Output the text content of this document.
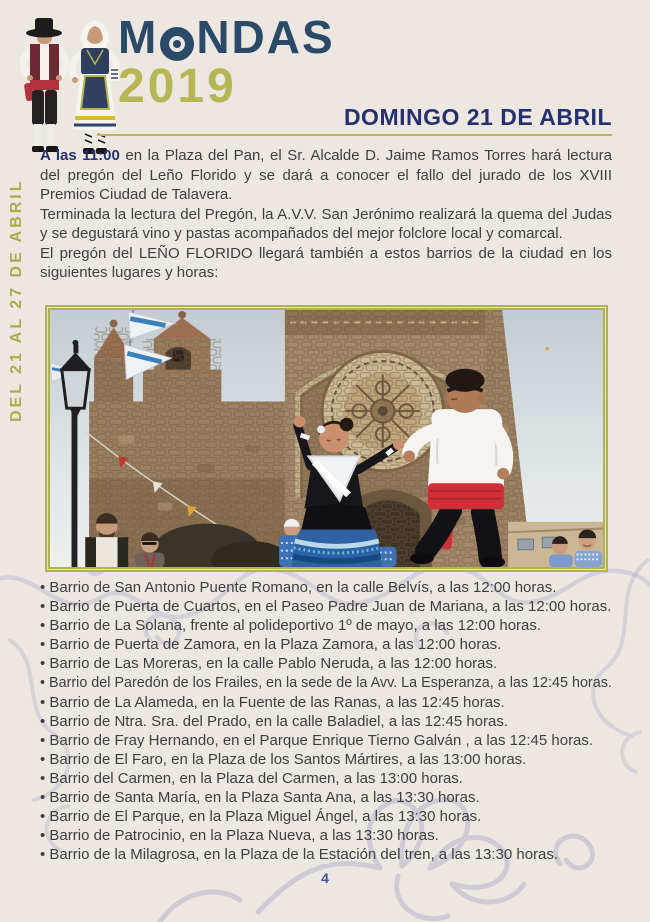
M NDAS
2019
DOMINGO 21 DE ABRIL
DEL 21 AL 27 DE ABRIL

A las 11:00 en la Plaza del Pan, el Sr. Alcalde D. Jaime Ramos Torres hará lectura del pregón del Leño Florido y se dará a conocer el fallo del jurado de los XVIII Premios Ciudad de Talavera.

Terminada la lectura del Pregón, la A.V.V. San Jerónimo realizará la quema del Judas y se degustará vino y pastas acompañados del mejor folclore local y comarcal.

El pregón del LEÑO FLORIDO llegará también a estos barrios de la ciudad en los siguientes lugares y horas:

• Barrio de San Antonio Puente Romano, en la calle Belvís, a las 12:00 horas.
• Barrio de Puerta de Cuartos, en el Paseo Padre Juan de Mariana, a las 12:00 horas.
• Barrio de La Solana, frente al polideportivo 1º de mayo, a las 12:00 horas.
• Barrio de Puerta de Zamora, en la Plaza Zamora, a las 12:00 horas.
• Barrio de Las Moreras, en la calle Pablo Neruda, a las 12:00 horas.
• Barrio del Paredón de los Frailes, en la sede de la Avv. La Esperanza, a las 12:45 horas.
• Barrio de La Alameda, en la Fuente de las Ranas, a las 12:45 horas.
• Barrio de Ntra. Sra. del Prado, en la calle Baladiel, a las 12:45 horas.
• Barrio de Fray Hernando, en el Parque Enrique Tierno Galván , a las 12:45 horas.
• Barrio de El Faro, en la Plaza de los Santos Mártires, a las 13:00 horas.
• Barrio del Carmen, en la Plaza del Carmen, a las 13:00 horas.
• Barrio de Santa María, en la Plaza Santa Ana, a las 13:30 horas.
• Barrio de El Parque, en la Plaza Miguel Ángel, a las 13:30 horas.
• Barrio de Patrocinio, en la Plaza Nueva, a las 13:30 horas.
• Barrio de la Milagrosa, en la Plaza de la Estación del tren, a las 13:30 horas.
4
